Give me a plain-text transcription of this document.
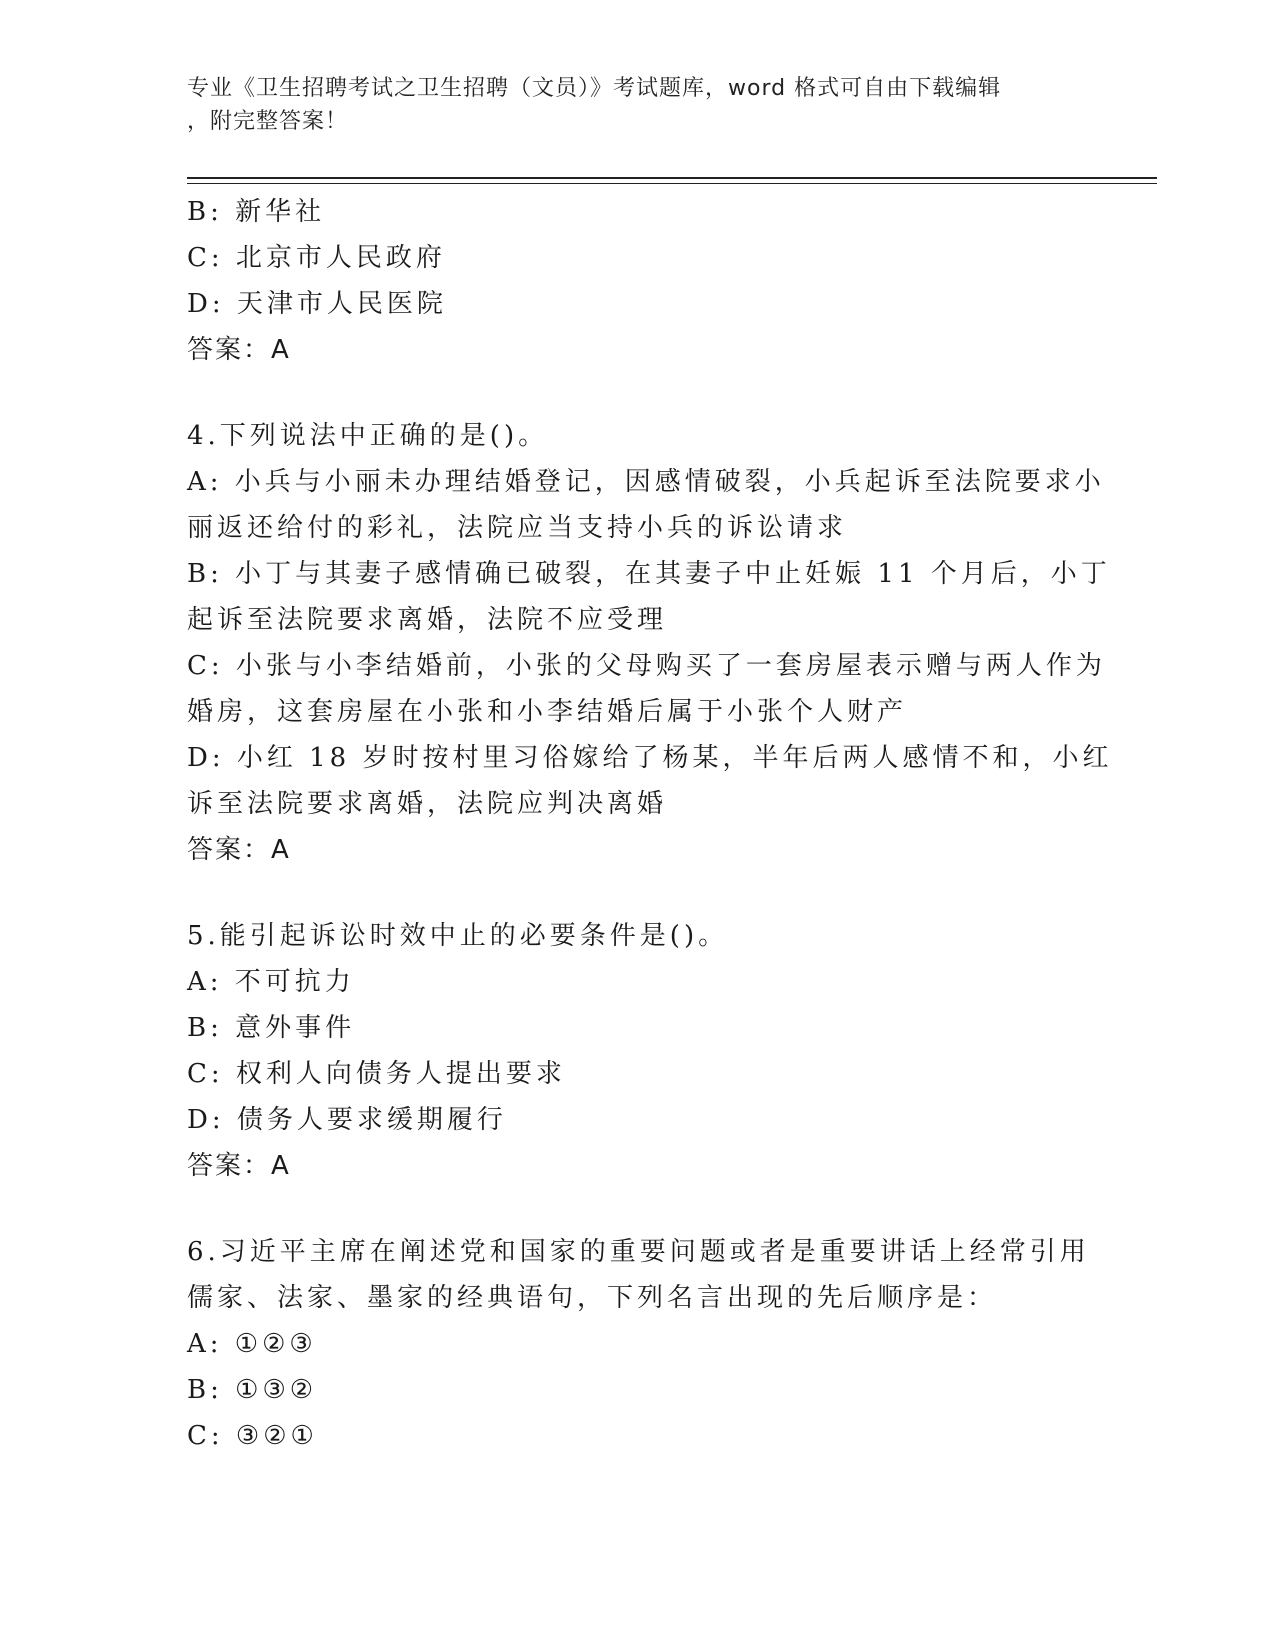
专业《卫生招聘考试之卫生招聘（文员）》考试题库，word 格式可自由下载编辑
，附完整答案！
B: 新华社
C: 北京市人民政府
D: 天津市人民医院
答案：A
4.下列说法中正确的是()。
A: 小兵与小丽未办理结婚登记，因感情破裂，小兵起诉至法院要求小
丽返还给付的彩礼，法院应当支持小兵的诉讼请求
B: 小丁与其妻子感情确已破裂，在其妻子中止妊娠 11 个月后，小丁
起诉至法院要求离婚，法院不应受理
C: 小张与小李结婚前，小张的父母购买了一套房屋表示赠与两人作为
婚房，这套房屋在小张和小李结婚后属于小张个人财产
D: 小红 18 岁时按村里习俗嫁给了杨某，半年后两人感情不和，小红
诉至法院要求离婚，法院应判决离婚
答案：A
5.能引起诉讼时效中止的必要条件是()。
A: 不可抗力
B: 意外事件
C: 权利人向债务人提出要求
D: 债务人要求缓期履行
答案：A
6.习近平主席在阐述党和国家的重要问题或者是重要讲话上经常引用
儒家、法家、墨家的经典语句，下列名言出现的先后顺序是：
A: ①②③
B: ①③②
C: ③②①
